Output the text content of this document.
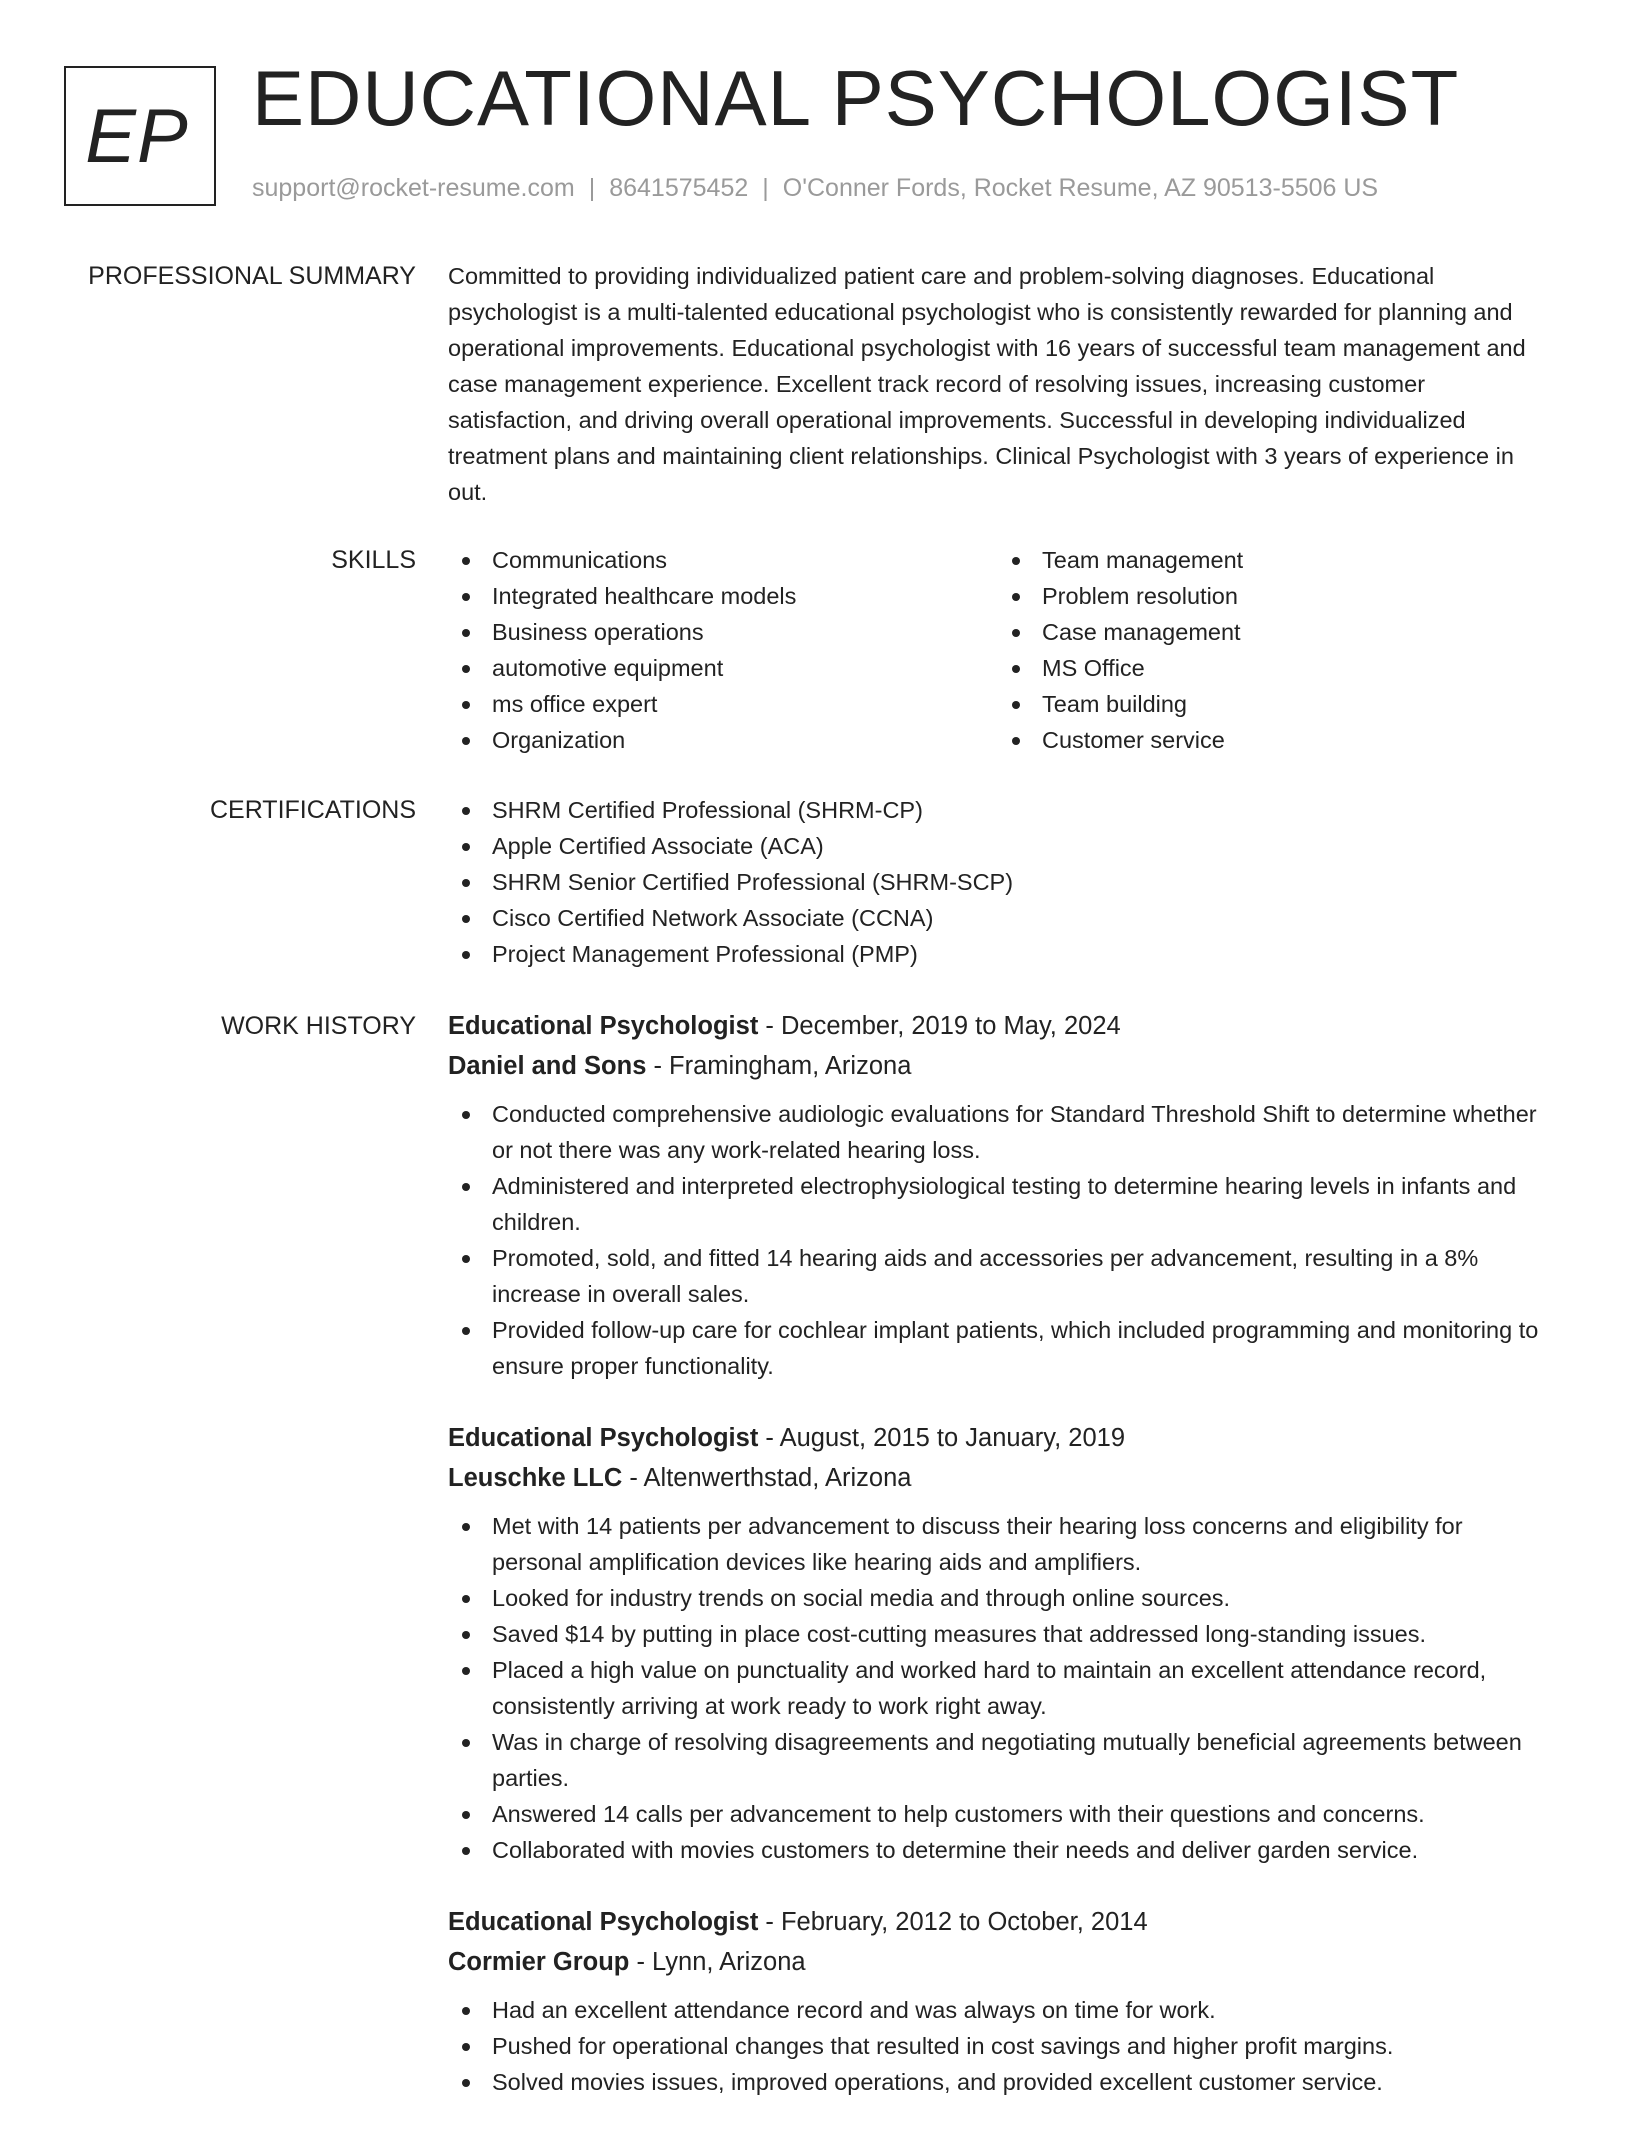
EP EDUCATIONAL PSYCHOLOGIST
support@rocket-resume.com | 8641575452 | O'Conner Fords, Rocket Resume, AZ 90513-5506 US
PROFESSIONAL SUMMARY Committed to providing individualized patient care and problem-solving diagnoses. Educational psychologist is a multi-talented educational psychologist who is consistently rewarded for planning and operational improvements. Educational psychologist with 16 years of successful team management and case management experience. Excellent track record of resolving issues, increasing customer satisfaction, and driving overall operational improvements. Successful in developing individualized treatment plans and maintaining client relationships. Clinical Psychologist with 3 years of experience in out.

SKILLS	Communications
Integrated healthcare models
Business operations
automotive equipment
ms office expert
Organization
Team management
Problem resolution
Case management
MS Office
Team building
Customer service
CERTIFICATIONS	SHRM Certified Professional (SHRM-CP)
Apple Certified Associate (ACA)
SHRM Senior Certified Professional (SHRM-SCP)
Cisco Certified Network Associate (CCNA)
Project Management Professional (PMP)
WORK HISTORY Educational Psychologist - December, 2019 to May, 2024
Daniel and Sons - Framingham, Arizona
Conducted comprehensive audiologic evaluations for Standard Threshold Shift to determine whether or not there was any work-related hearing loss.
Administered and interpreted electrophysiological testing to determine hearing levels in infants and children.
Promoted, sold, and fitted 14 hearing aids and accessories per advancement, resulting in a 8% increase in overall sales.
Provided follow-up care for cochlear implant patients, which included programming and monitoring to ensure proper functionality.
Educational Psychologist - August, 2015 to January, 2019
Leuschke LLC - Altenwerthstad, Arizona
Met with 14 patients per advancement to discuss their hearing loss concerns and eligibility for personal amplification devices like hearing aids and amplifiers.
Looked for industry trends on social media and through online sources.
Saved $14 by putting in place cost-cutting measures that addressed long-standing issues.
Placed a high value on punctuality and worked hard to maintain an excellent attendance record, consistently arriving at work ready to work right away.
Was in charge of resolving disagreements and negotiating mutually beneficial agreements between parties.
Answered 14 calls per advancement to help customers with their questions and concerns.
Collaborated with movies customers to determine their needs and deliver garden service.
Educational Psychologist - February, 2012 to October, 2014
Cormier Group - Lynn, Arizona
Had an excellent attendance record and was always on time for work.
Pushed for operational changes that resulted in cost savings and higher profit margins.
Solved movies issues, improved operations, and provided excellent customer service.
